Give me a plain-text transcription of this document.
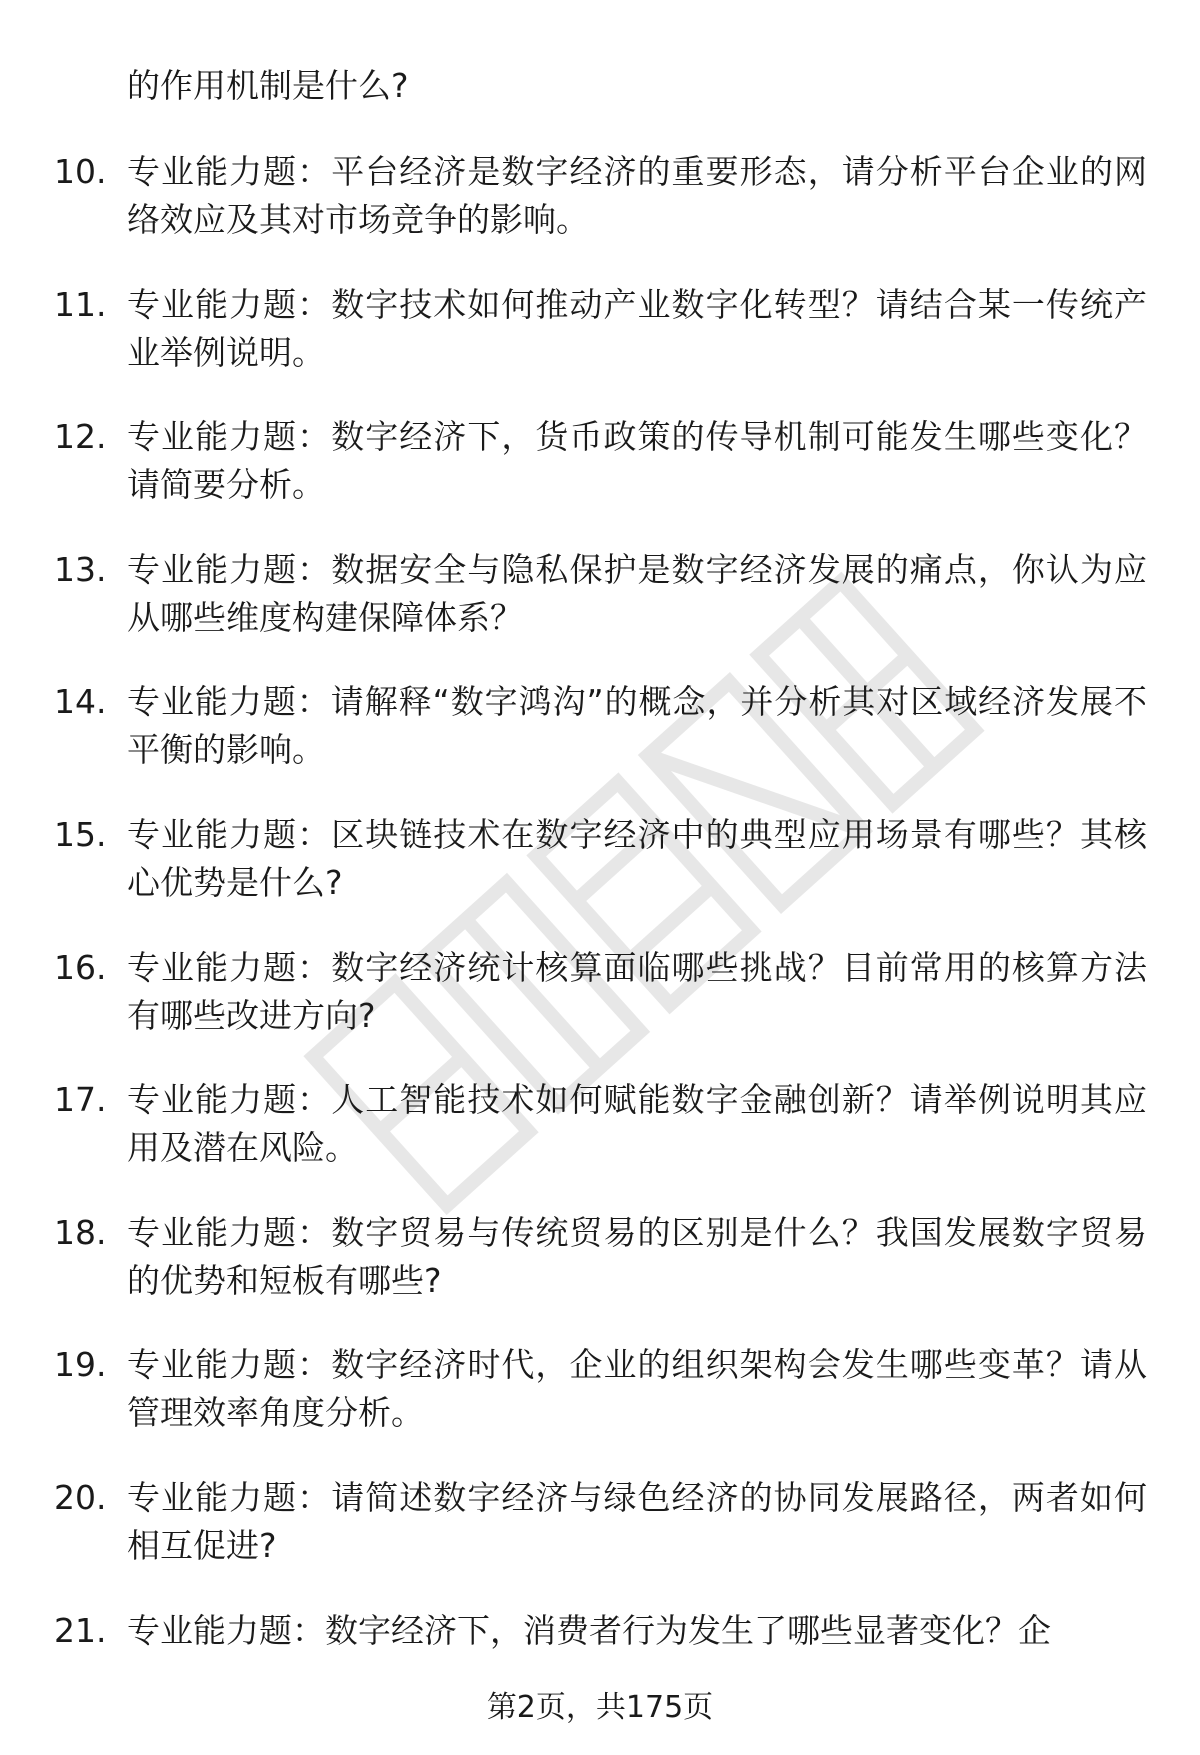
的作用机制是什么?

10. 专业能力题：平台经济是数字经济的重要形态，请分析平台企业的网络效应及其对市场竞争的影响。
11. 专业能力题：数字技术如何推动产业数字化转型？请结合某一传统产业举例说明。
12. 专业能力题：数字经济下，货币政策的传导机制可能发生哪些变化？请简要分析。
13. 专业能力题：数据安全与隐私保护是数字经济发展的痛点，你认为应从哪些维度构建保障体系？
14. 专业能力题：请解释“数字鸿沟”的概念，并分析其对区域经济发展不平衡的影响。
15. 专业能力题：区块链技术在数字经济中的典型应用场景有哪些？其核心优势是什么?
16. 专业能力题：数字经济统计核算面临哪些挑战？目前常用的核算方法有哪些改进方向?
17. 专业能力题：人工智能技术如何赋能数字金融创新？请举例说明其应用及潜在风险。
18. 专业能力题：数字贸易与传统贸易的区别是什么？我国发展数字贸易的优势和短板有哪些?
19. 专业能力题：数字经济时代，企业的组织架构会发生哪些变革？请从管理效率角度分析。
20. 专业能力题：请简述数字经济与绿色经济的协同发展路径，两者如何相互促进?
21. 专业能力题：数字经济下，消费者行为发生了哪些显著变化？企
第2页，共175页
